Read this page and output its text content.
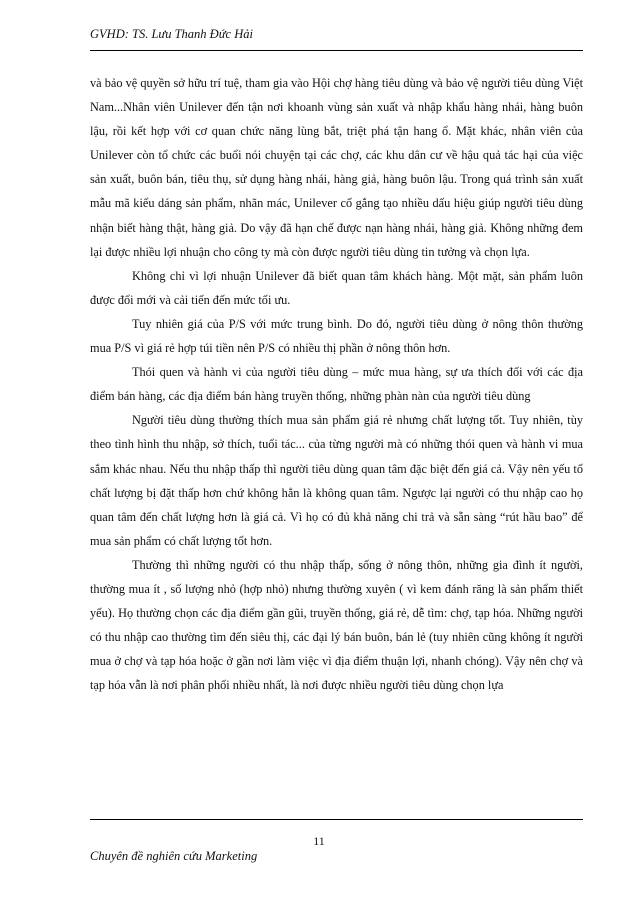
GVHD: TS. Lưu Thanh Đức Hải

và bảo vệ quyền sở hữu trí tuệ, tham gia vào Hội chợ hàng tiêu dùng và bảo vệ người tiêu dùng Việt Nam...Nhân viên Unilever đến tận nơi khoanh vùng sản xuất và nhập khẩu hàng nhái, hàng buôn lậu, rồi kết hợp với cơ quan chức năng lùng bắt, triệt phá tận hang ổ. Mặt khác, nhân viên của Unilever còn tổ chức các buổi nói chuyện tại các chợ, các khu dân cư về hậu quả tác hại của việc sản xuất, buôn bán, tiêu thụ, sử dụng hàng nhái, hàng giả, hàng buôn lậu. Trong quá trình sản xuất mẫu mã kiểu dáng sản phẩm, nhãn mác, Unilever cố gắng tạo nhiều dấu hiệu giúp người tiêu dùng nhận biết hàng thật, hàng giả. Do vậy đã hạn chế được nạn hàng nhái, hàng giả. Không những đem lại được nhiều lợi nhuận cho công ty mà còn được người tiêu dùng tin tưởng và chọn lựa.

Không chỉ vì lợi nhuận Unilever đã biết quan tâm khách hàng. Một mặt, sản phẩm luôn được đổi mới và cải tiến đến mức tối ưu.

Tuy nhiên giá của P/S với mức trung bình. Do đó, người tiêu dùng ở nông thôn thường mua P/S vì giá rẻ hợp túi tiền nên P/S có nhiều thị phần ở nông thôn hơn.

Thói quen và hành vi của người tiêu dùng – mức mua hàng, sự ưa thích đối với các địa điểm bán hàng, các địa điểm bán hàng truyền thống, những phàn nàn của người tiêu dùng

Người tiêu dùng thường thích mua sản phẩm giá rẻ nhưng chất lượng tốt. Tuy nhiên, tùy theo tình hình thu nhập, sở thích, tuổi tác... của từng người mà có những thói quen và hành vi mua sắm khác nhau. Nếu thu nhập thấp thì người tiêu dùng quan tâm đặc biệt đến giá cả. Vậy nên yếu tố chất lượng bị đặt thấp hơn chứ không hẳn là không quan tâm. Ngược lại người có thu nhập cao họ quan tâm đến chất lượng hơn là giá cả. Vì họ có đủ khả năng chi trả và sẵn sàng “rút hầu bao” để mua sản phẩm có chất lượng tốt hơn.

Thường thì những người có thu nhập thấp, sống ở nông thôn, những gia đình ít người, thường mua ít , số lượng nhỏ (hợp nhỏ) nhưng thường xuyên ( vì kem đánh răng là sản phẩm thiết yếu). Họ thường chọn các địa điểm gần gũi, truyền thống, giá rẻ, dễ tìm: chợ, tạp hóa. Những người có thu nhập cao thường tìm đến siêu thị, các đại lý bán buôn, bán lẻ (tuy nhiên cũng không ít người mua ở chợ và tạp hóa hoặc ở gần nơi làm việc vì địa điểm thuận lợi, nhanh chóng). Vậy nên chợ và tạp hóa vẫn là nơi phân phối nhiều nhất, là nơi được nhiều người tiêu dùng chọn lựa

11
Chuyên đề nghiên cứu Marketing
